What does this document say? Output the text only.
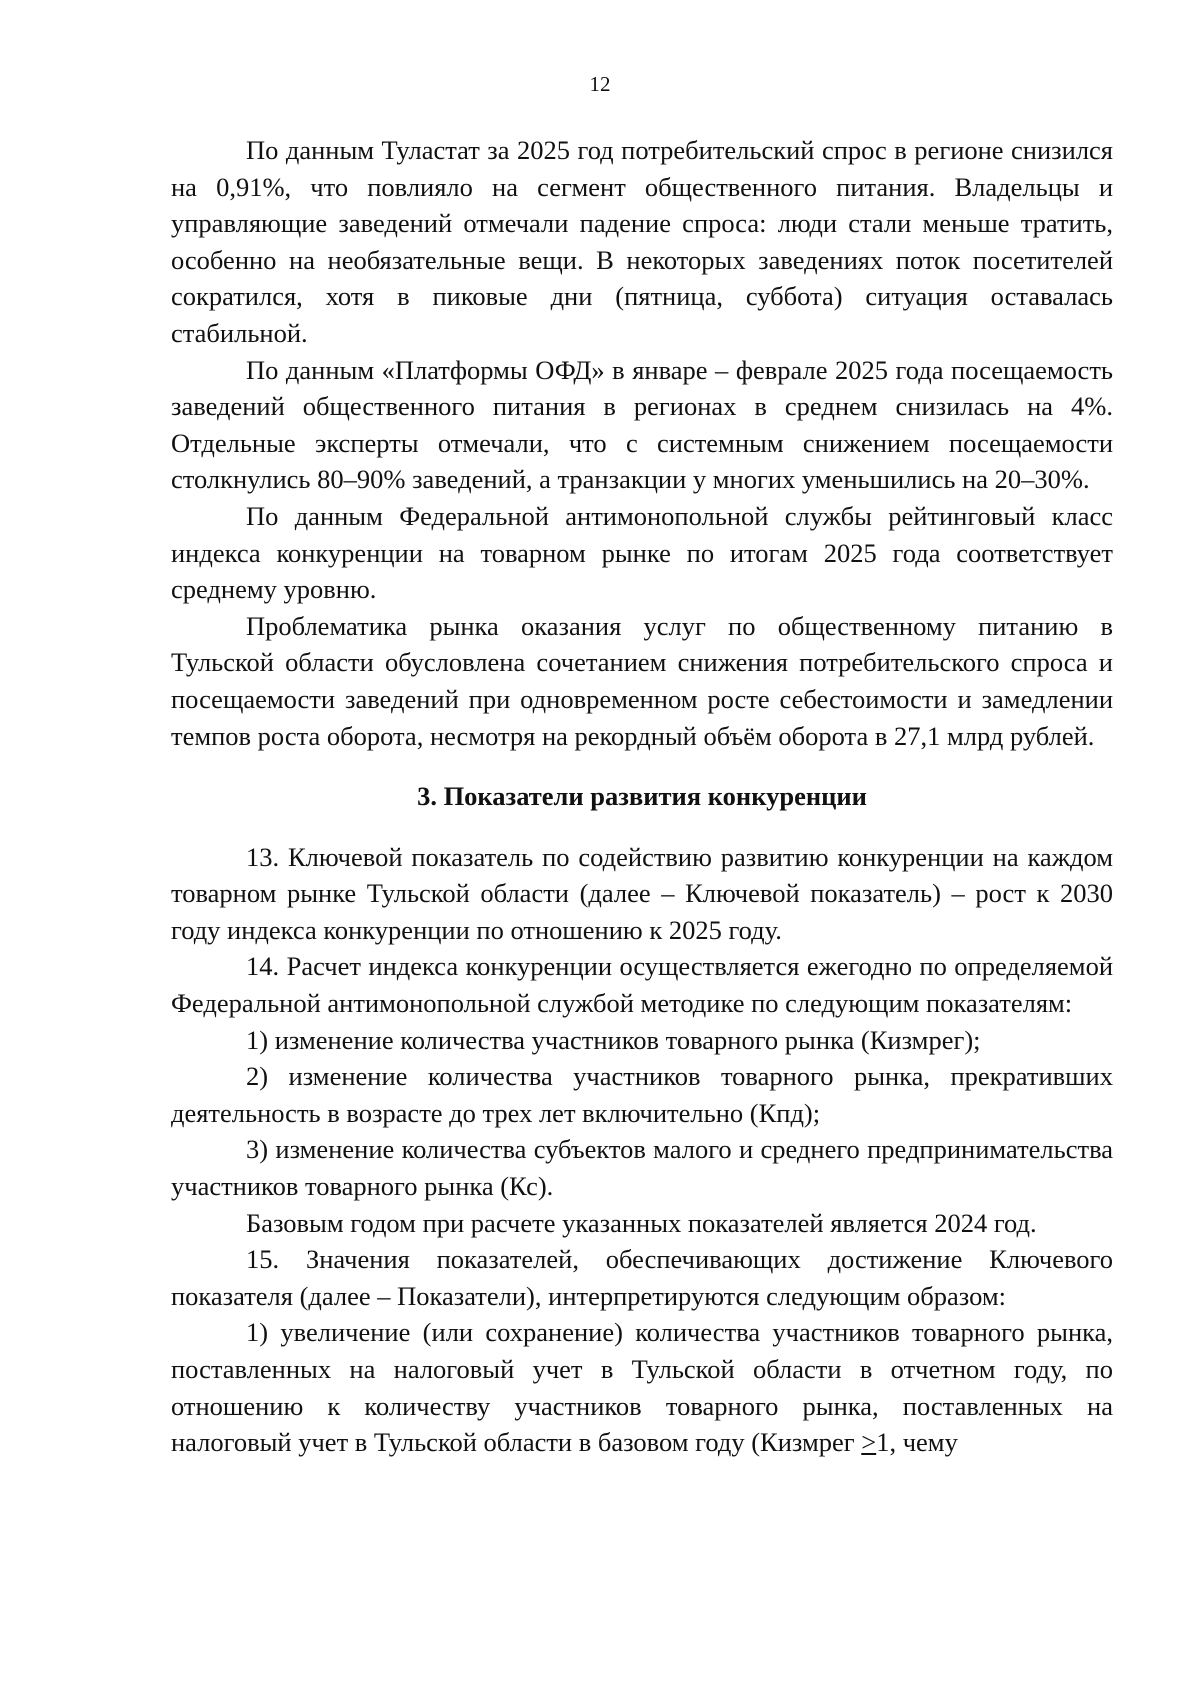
12

По данным Туластат за 2025 год потребительский спрос в регионе снизился на 0,91%, что повлияло на сегмент общественного питания. Владельцы и управляющие заведений отмечали падение спроса: люди стали меньше тратить, особенно на необязательные вещи. В некоторых заведениях поток посетителей сократился, хотя в пиковые дни (пятница, суббота) ситуация оставалась стабильной.

По данным «Платформы ОФД» в январе – феврале 2025 года посещаемость заведений общественного питания в регионах в среднем снизилась на 4%. Отдельные эксперты отмечали, что с системным снижением посещаемости столкнулись 80–90% заведений, а транзакции у многих уменьшились на 20–30%.

По данным Федеральной антимонопольной службы рейтинговый класс индекса конкуренции на товарном рынке по итогам 2025 года соответствует среднему уровню.

Проблематика рынка оказания услуг по общественному питанию в Тульской области обусловлена сочетанием снижения потребительского спроса и посещаемости заведений при одновременном росте себестоимости и замедлении темпов роста оборота, несмотря на рекордный объём оборота в 27,1 млрд рублей.

3. Показатели развития конкуренции

13. Ключевой показатель по содействию развитию конкуренции на каждом товарном рынке Тульской области (далее – Ключевой показатель) – рост к 2030 году индекса конкуренции по отношению к 2025 году.

14. Расчет индекса конкуренции осуществляется ежегодно по определяемой Федеральной антимонопольной службой методике по следующим показателям:

1) изменение количества участников товарного рынка (Кизмрег);

2) изменение количества участников товарного рынка, прекративших деятельность в возрасте до трех лет включительно (Кпд);

3) изменение количества субъектов малого и среднего предпринимательства участников товарного рынка (Кс).

Базовым годом при расчете указанных показателей является 2024 год.

15. Значения показателей, обеспечивающих достижение Ключевого показателя (далее – Показатели), интерпретируются следующим образом:

1) увеличение (или сохранение) количества участников товарного рынка, поставленных на налоговый учет в Тульской области в отчетном году, по отношению к количеству участников товарного рынка, поставленных на налоговый учет в Тульской области в базовом году (Кизмрег ≥1, чему
